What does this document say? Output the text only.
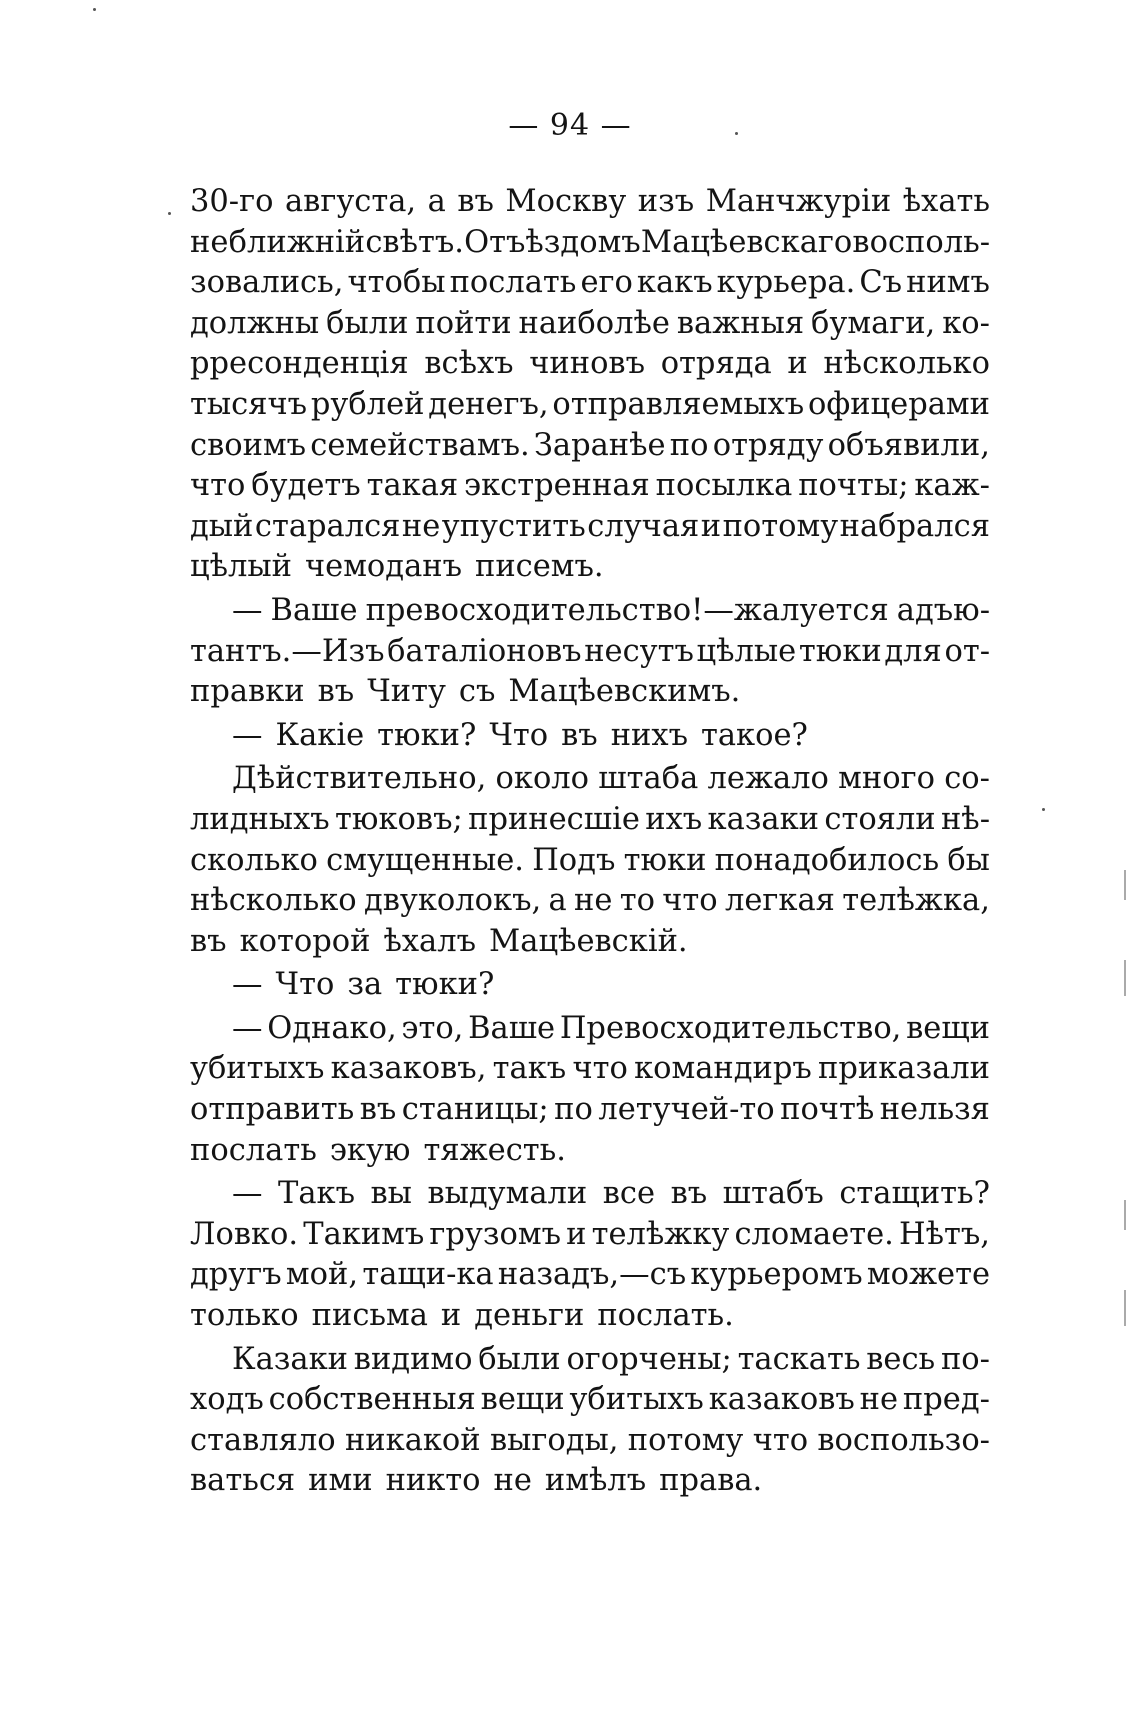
— 94 —
30-го августа, а въ Москву изъ Манчжуріи ѣхать
не ближній свѣтъ. Отъѣздомъ Мацѣевскаго восполь-
зовались, чтобы послать его какъ курьера. Съ нимъ
должны были пойти наиболѣе важныя бумаги, ко-
рресонденція всѣхъ чиновъ отряда и нѣсколько
тысячъ рублей денегъ, отправляемыхъ офицерами
своимъ семействамъ. Заранѣе по отряду объявили,
что будетъ такая экстренная посылка почты; каж-
дый старался не упустить случая и потому набрался
цѣлый чемоданъ писемъ.
— Ваше превосходительство!—жалуется адъю-
тантъ.—Изъ баталіоновъ несутъ цѣлые тюки для от-
правки въ Читу съ Мацѣевскимъ.
— Какіе тюки? Что въ нихъ такое?
Дѣйствительно, около штаба лежало много со-
лидныхъ тюковъ; принесшіе ихъ казаки стояли нѣ-
сколько смущенные. Подъ тюки понадобилось бы
нѣсколько двуколокъ, а не то что легкая телѣжка,
въ которой ѣхалъ Мацѣевскій.
— Что за тюки?
— Однако, это, Ваше Превосходительство, вещи
убитыхъ казаковъ, такъ что командиръ приказали
отправить въ станицы; по летучей-то почтѣ нельзя
послать экую тяжесть.
— Такъ вы выдумали все въ штабъ стащить?
Ловко. Такимъ грузомъ и телѣжку сломаете. Нѣтъ,
другъ мой, тащи-ка назадъ,—съ курьеромъ можете
только письма и деньги послать.
Казаки видимо были огорчены; таскать весь по-
ходъ собственныя вещи убитыхъ казаковъ не пред-
ставляло никакой выгоды, потому что воспользо-
ваться ими никто не имѣлъ права.
